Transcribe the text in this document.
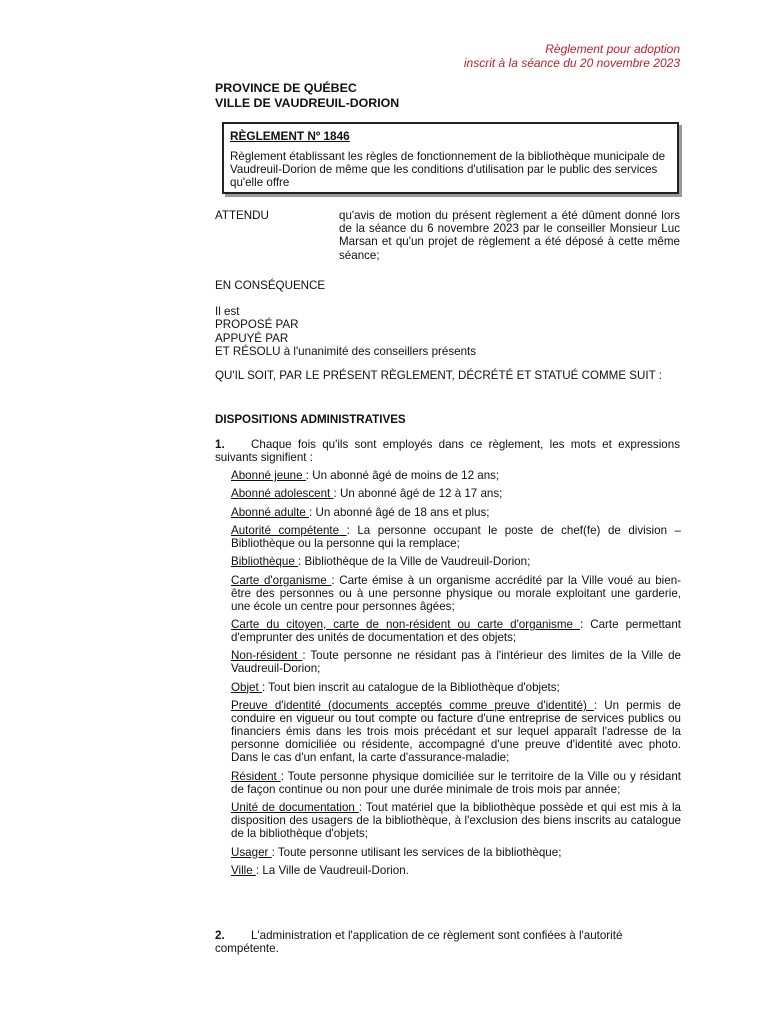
Règlement pour adoption
inscrit à la séance du 20 novembre 2023
PROVINCE DE QUÉBEC
VILLE DE VAUDREUIL-DORION
RÈGLEMENT Nº 1846
Règlement établissant les règles de fonctionnement de la bibliothèque municipale de Vaudreuil-Dorion de même que les conditions d'utilisation par le public des services qu'elle offre
ATTENDU	qu'avis de motion du présent règlement a été dûment donné lors de la séance du 6 novembre 2023 par le conseiller Monsieur Luc Marsan et qu'un projet de règlement a été déposé à cette même séance;
EN CONSÉQUENCE
Il est
PROPOSÉ PAR
APPUYÉ PAR
ET RÉSOLU à l'unanimité des conseillers présents
QU'IL SOIT, PAR LE PRÉSENT RÈGLEMENT, DÉCRÉTÉ ET STATUÉ COMME SUIT :
DISPOSITIONS ADMINISTRATIVES
1. Chaque fois qu'ils sont employés dans ce règlement, les mots et expressions suivants signifient :
Abonné jeune : Un abonné âgé de moins de 12 ans;
Abonné adolescent : Un abonné âgé de 12 à 17 ans;
Abonné adulte : Un abonné âgé de 18 ans et plus;
Autorité compétente : La personne occupant le poste de chef(fe) de division – Bibliothèque ou la personne qui la remplace;
Bibliothèque : Bibliothèque de la Ville de Vaudreuil-Dorion;
Carte d'organisme : Carte émise à un organisme accrédité par la Ville voué au bien-être des personnes ou à une personne physique ou morale exploitant une garderie, une école un centre pour personnes âgées;
Carte du citoyen, carte de non-résident ou carte d'organisme : Carte permettant d'emprunter des unités de documentation et des objets;
Non-résident : Toute personne ne résidant pas à l'intérieur des limites de la Ville de Vaudreuil-Dorion;
Objet : Tout bien inscrit au catalogue de la Bibliothèque d'objets;
Preuve d'identité (documents acceptés comme preuve d'identité) : Un permis de conduire en vigueur ou tout compte ou facture d'une entreprise de services publics ou financiers émis dans les trois mois précédant et sur lequel apparaît l'adresse de la personne domiciliée ou résidente, accompagné d'une preuve d'identité avec photo. Dans le cas d'un enfant, la carte d'assurance-maladie;
Résident : Toute personne physique domiciliée sur le territoire de la Ville ou y résidant de façon continue ou non pour une durée minimale de trois mois par année;
Unité de documentation : Tout matériel que la bibliothèque possède et qui est mis à la disposition des usagers de la bibliothèque, à l'exclusion des biens inscrits au catalogue de la bibliothèque d'objets;
Usager : Toute personne utilisant les services de la bibliothèque;
Ville : La Ville de Vaudreuil-Dorion.
2. L'administration et l'application de ce règlement sont confiées à l'autorité compétente.
